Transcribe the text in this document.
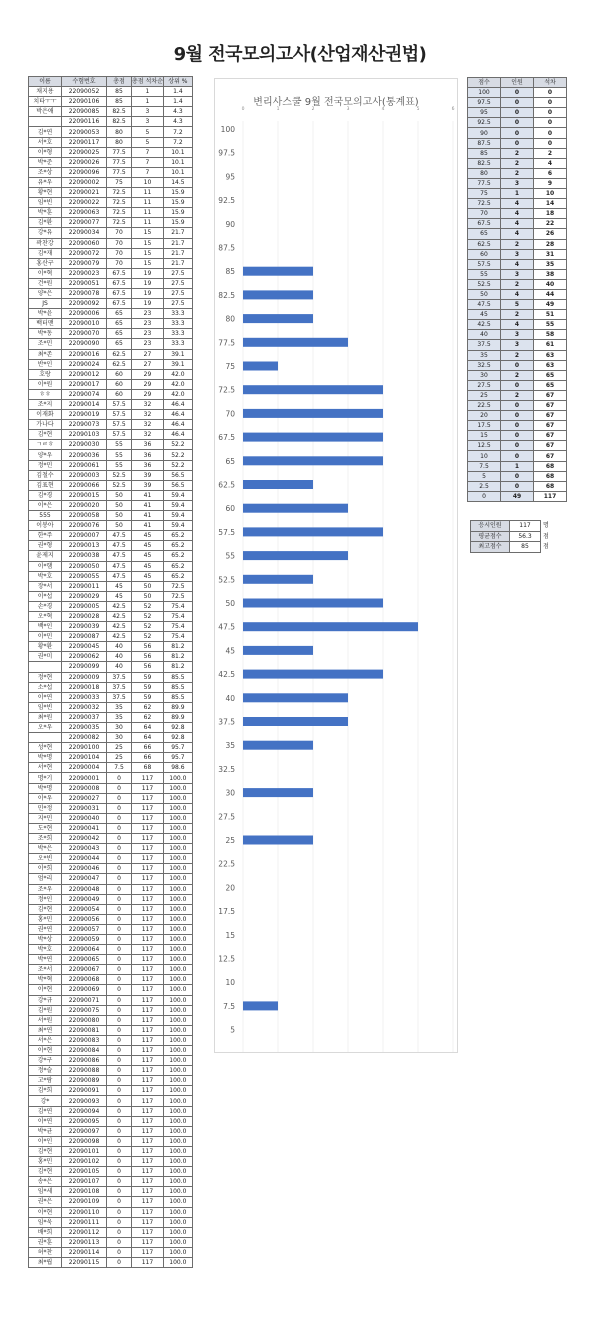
9월 전국모의고사(산업재산권법)
이름	수험번호	총점	총점 석차순	상위 %
채지용	22090052	85	1	1.4
치타ㅜㅜ	22090106	85	1	1.4
박은애	22090085	82.5	3	4.3
	22090116	82.5	3	4.3
김*연	22090053	80	5	7.2
서*호	22090117	80	5	7.2
이*형	22090025	77.5	7	10.1
박*준	22090026	77.5	7	10.1
조*상	22090096	77.5	7	10.1
유*우	22090002	75	10	14.5
황*현	22090021	72.5	11	15.9
임*빈	22090022	72.5	11	15.9
박*훈	22090063	72.5	11	15.9
김*환	22090077	72.5	11	15.9
강*유	22090034	70	15	21.7
곽찬강	22090060	70	15	21.7
김*재	22090072	70	15	21.7
홍산구	22090079	70	15	21.7
이*혁	22090023	67.5	19	27.5
건*원	22090051	67.5	19	27.5
양*은	22090078	67.5	19	27.5
JS	22090092	67.5	19	27.5
박*윤	22090006	65	23	33.3
백터맨	22090010	65	23	33.3
박*동	22090070	65	23	33.3
조*민	22090090	65	23	33.3
최*존	22090016	62.5	27	39.1
반*인	22090024	62.5	27	39.1
호랑	22090012	60	29	42.0
이*원	22090017	60	29	42.0
ㅎㅎ	22090074	60	29	42.0
조*지	22090014	57.5	32	46.4
이재화	22090019	57.5	32	46.4
가나다	22090073	57.5	32	46.4
김*현	22090103	57.5	32	46.4
ㄱㄹㅎ	22090030	55	36	52.2
양*우	22090036	55	36	52.2
정*민	22090061	55	36	52.2
김철수	22090003	52.5	39	56.5
김표현	22090066	52.5	39	56.5
김*경	22090015	50	41	59.4
이*은	22090020	50	41	59.4
555	22090058	50	41	59.4
이봉아	22090076	50	41	59.4
한*주	22090007	47.5	45	65.2
권*형	22090013	47.5	45	65.2
윤제지	22090038	47.5	45	65.2
이*햄	22090050	47.5	45	65.2
박*호	22090055	47.5	45	65.2
장*서	22090011	45	50	72.5
이*섭	22090029	45	50	72.5
손*경	22090005	42.5	52	75.4
오*혁	22090028	42.5	52	75.4
백*인	22090039	42.5	52	75.4
이*민	22090087	42.5	52	75.4
황*환	22090045	40	56	81.2
권*미	22090062	40	56	81.2
	22090099	40	56	81.2
정*현	22090009	37.5	59	85.5
소*섭	22090018	37.5	59	85.5
이*연	22090033	37.5	59	85.5
임*빈	22090032	35	62	89.9
최*원	22090037	35	62	89.9
오*우	22090035	30	64	92.8
	22090082	30	64	92.8
성*현	22090100	25	66	95.7
박*명	22090104	25	66	95.7
서*현	22090004	7.5	68	98.6
명*기	22090001	0	117	100.0
박*명	22090008	0	117	100.0
이*우	22090027	0	117	100.0
민*정	22090031	0	117	100.0
지*민	22090040	0	117	100.0
도*현	22090041	0	117	100.0
조*희	22090042	0	117	100.0
박*은	22090043	0	117	100.0
오*빈	22090044	0	117	100.0
이*희	22090046	0	117	100.0
엄*리	22090047	0	117	100.0
조*우	22090048	0	117	100.0
정*인	22090049	0	117	100.0
김*현	22090054	0	117	100.0
홍*민	22090056	0	117	100.0
권*연	22090057	0	117	100.0
박*상	22090059	0	117	100.0
박*호	22090064	0	117	100.0
박*연	22090065	0	117	100.0
조*서	22090067	0	117	100.0
박*혁	22090068	0	117	100.0
이*현	22090069	0	117	100.0
강*규	22090071	0	117	100.0
김*원	22090075	0	117	100.0
서*원	22090080	0	117	100.0
최*연	22090081	0	117	100.0
서*은	22090083	0	117	100.0
이*현	22090084	0	117	100.0
강*구	22090086	0	117	100.0
정*슬	22090088	0	117	100.0
고*람	22090089	0	117	100.0
김*희	22090091	0	117	100.0
강*	22090093	0	117	100.0
김*연	22090094	0	117	100.0
이*연	22090095	0	117	100.0
박*균	22090097	0	117	100.0
이*인	22090098	0	117	100.0
김*현	22090101	0	117	100.0
홍*민	22090102	0	117	100.0
김*현	22090105	0	117	100.0
송*은	22090107	0	117	100.0
임*세	22090108	0	117	100.0
권*은	22090109	0	117	100.0
이*현	22090110	0	117	100.0
임*욱	22090111	0	117	100.0
배*희	22090112	0	117	100.0
권*훈	22090113	0	117	100.0
허*찬	22090114	0	117	100.0
최*립	22090115	0	117	100.0
변리사스쿨 9월 전국모의고사(통계표)
0	1	2	3	4	5	6
100
97.5
95
92.5
90
87.5
85
82.5
80
77.5
75
72.5
70
67.5
65
62.5
60
57.5
55
52.5
50
47.5
45
42.5
40
37.5
35
32.5
30
27.5
25
22.5
20
17.5
15
12.5
10
7.5
5
점수	인원	석차
100	0	0
97.5	0	0
95	0	0
92.5	0	0
90	0	0
87.5	0	0
85	2	2
82.5	2	4
80	2	6
77.5	3	9
75	1	10
72.5	4	14
70	4	18
67.5	4	22
65	4	26
62.5	2	28
60	3	31
57.5	4	35
55	3	38
52.5	2	40
50	4	44
47.5	5	49
45	2	51
42.5	4	55
40	3	58
37.5	3	61
35	2	63
32.5	0	63
30	2	65
27.5	0	65
25	2	67
22.5	0	67
20	0	67
17.5	0	67
15	0	67
12.5	0	67
10	0	67
7.5	1	68
5	0	68
2.5	0	68
0	49	117
응시인원	117	명
평균점수	56.3	점
최고점수	85	점
